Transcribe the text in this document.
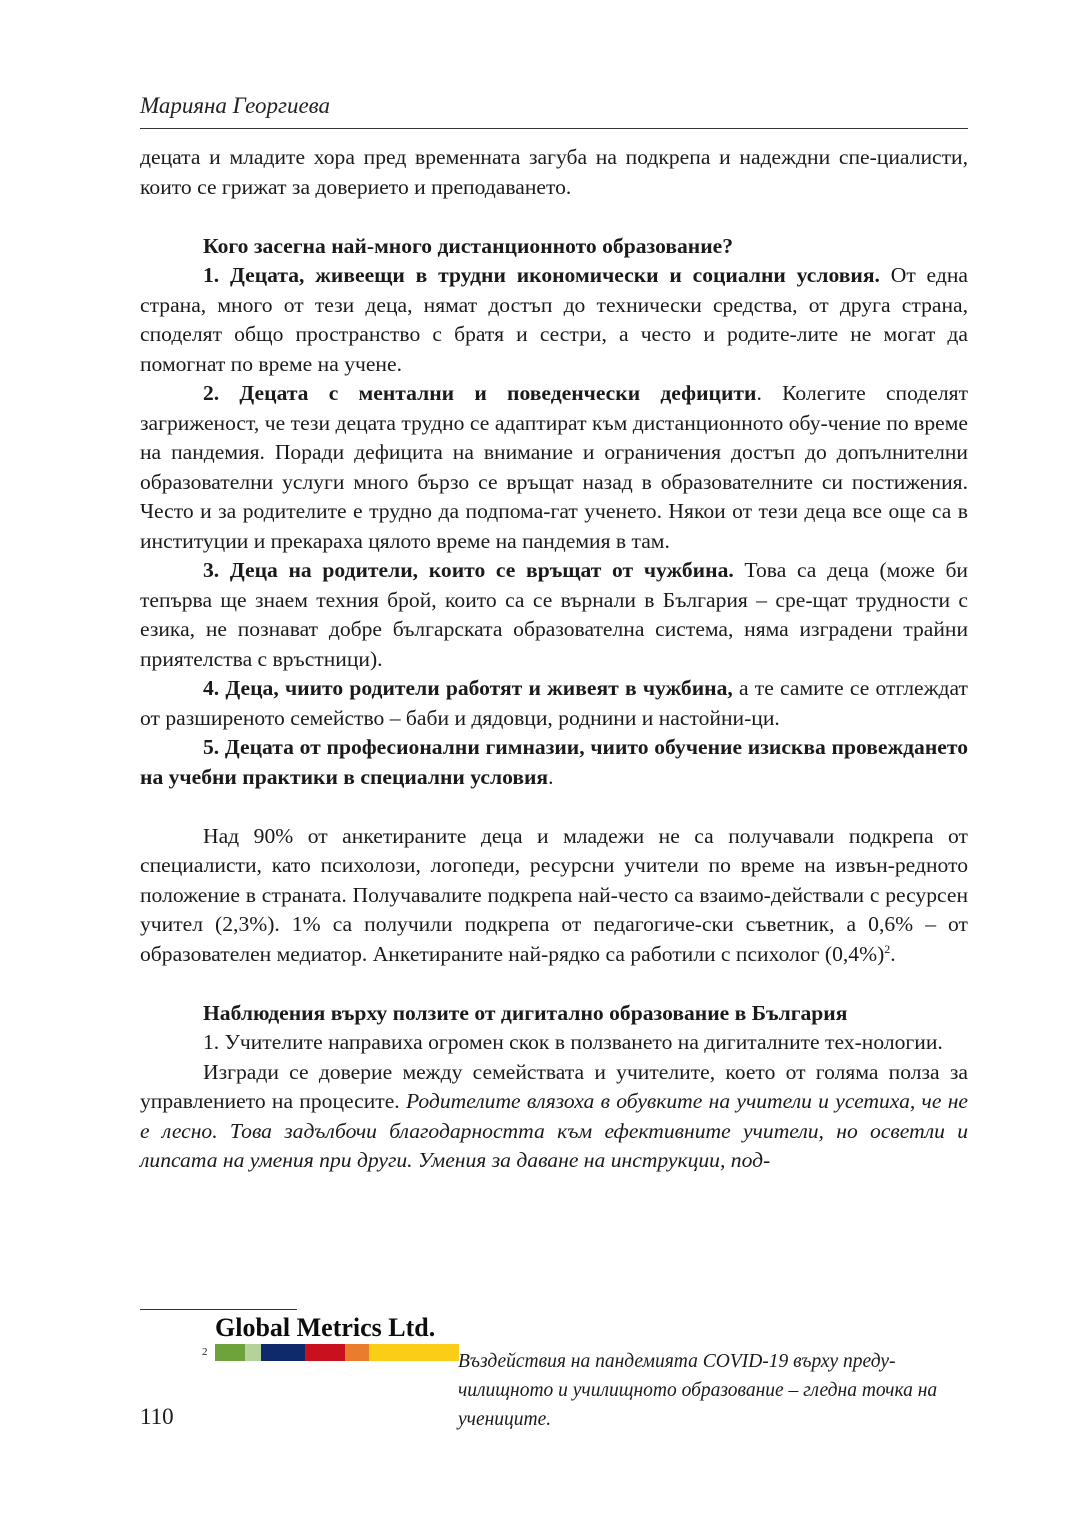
Марияна Георгиева

децата и младите хора пред временната загуба на подкрепа и надеждни спе-циалисти, които се грижат за доверието и преподаването.

Кого засегна най-много дистанционното образование?

1. Децата, живеещи в трудни икономически и социални условия. От една страна, много от тези деца, нямат достъп до технически средства, от друга страна, споделят общо пространство с братя и сестри, а често и родите-лите не могат да помогнат по време на учене.

2. Децата с ментални и поведенчески дефицити. Колегите споделят загриженост, че тези децата трудно се адаптират към дистанционното обу-чение по време на пандемия. Поради дефицита на внимание и ограничения достъп до допълнителни образователни услуги много бързо се връщат назад в образователните си постижения. Често и за родителите е трудно да подпома-гат ученето. Някои от тези деца все още са в институции и прекараха цялото време на пандемия в там.

3. Деца на родители, които се връщат от чужбина. Това са деца (може би тепърва ще знаем техния брой, които са се върнали в България – сре-щат трудности с езика, не познават добре българската образователна система, няма изградени трайни приятелства с връстници).

4. Деца, чиито родители работят и живеят в чужбина, а те самите се отглеждат от разширеното семейство – баби и дядовци, роднини и настойни-ци.

5. Децата от професионални гимназии, чиито обучение изисква провеждането на учебни практики в специални условия.

Над 90% от анкетираните деца и младежи не са получавали подкрепа от специалисти, като психолози, логопеди, ресурсни учители по време на извън-редното положение в страната. Получавалите подкрепа най-често са взаимо-действали с ресурсен учител (2,3%). 1% са получили подкрепа от педагогиче-ски съветник, а 0,6% – от образователен медиатор. Анкетираните най-рядко са работили с психолог $(0,4\%)^2$.

Наблюдения върху ползите от дигитално образование в България

1. Учителите направиха огромен скок в ползването на дигиталните тех-нологии.

Изгради се доверие между семействата и учителите, което от голяма полза за управлението на процесите. Родителите влязоха в обувките на учители и усетиха, че не е лесно. Това задълбочи благодарността към ефективните учители, но осветли и липсата на умения при други. Умения за даване на инструкции, под-

Global Metrics Ltd.
2	Въздействия на пандемията COVID-19 върху преду-чилищното и училищното образование – гледна точка на учениците.
110
